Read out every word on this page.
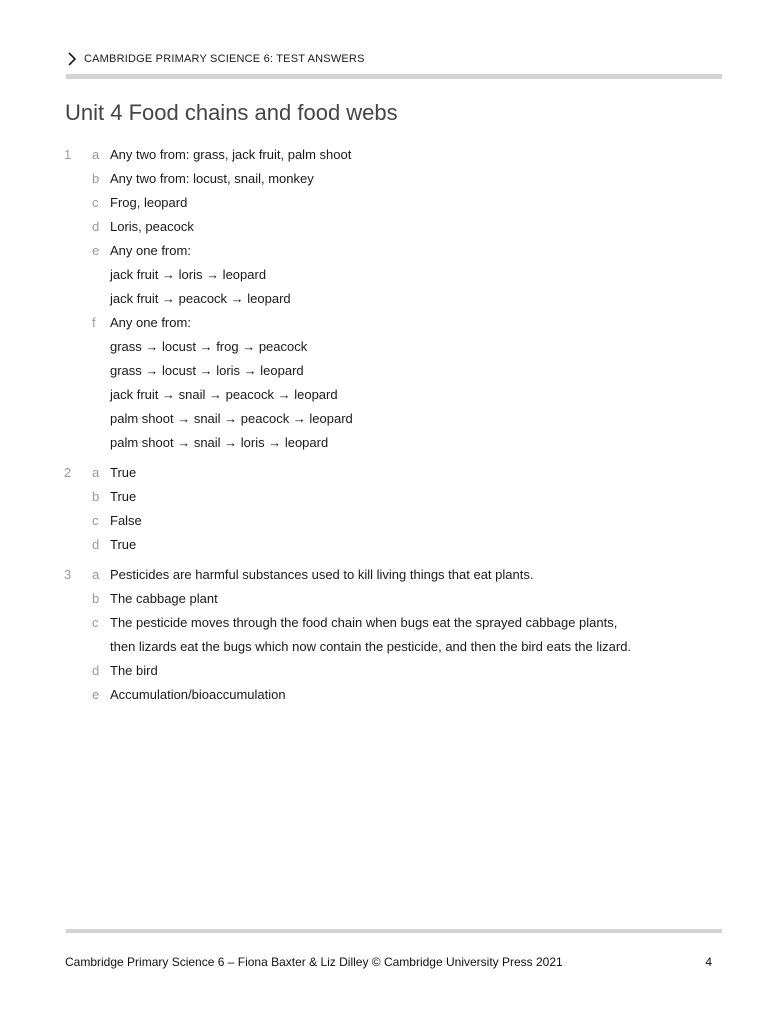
CAMBRIDGE PRIMARY SCIENCE 6: TEST ANSWERS
Unit 4 Food chains and food webs
1	a Any two from: grass, jack fruit, palm shoot
b Any two from: locust, snail, monkey
c Frog, leopard
d Loris, peacock
e Any one from:
jack fruit → loris → leopard
jack fruit → peacock → leopard
f Any one from:
grass → locust → frog → peacock
grass → locust → loris → leopard
jack fruit → snail → peacock → leopard
palm shoot → snail → peacock → leopard
palm shoot → snail → loris → leopard
2	a True
b True
c False
d True
3	a Pesticides are harmful substances used to kill living things that eat plants.
b The cabbage plant
c The pesticide moves through the food chain when bugs eat the sprayed cabbage plants,
then lizards eat the bugs which now contain the pesticide, and then the bird eats the lizard.
d The bird
e Accumulation/bioaccumulation
Cambridge Primary Science 6 – Fiona Baxter & Liz Dilley © Cambridge University Press 2021	4
